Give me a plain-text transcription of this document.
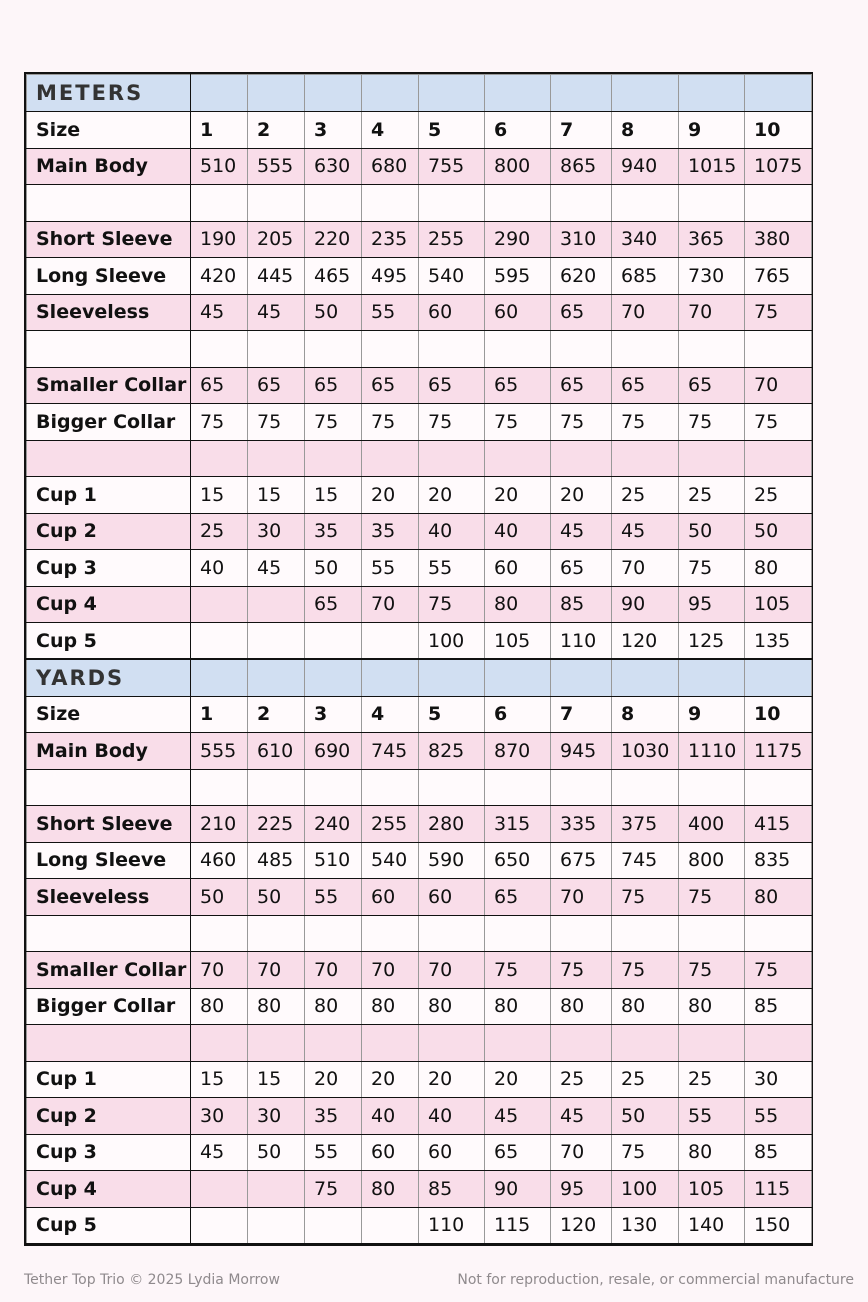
METERS										
Size	1	2	3	4	5	6	7	8	9	10
Main Body	510	555	630	680	755	800	865	940	1015	1075

Short Sleeve	190	205	220	235	255	290	310	340	365	380
Long Sleeve	420	445	465	495	540	595	620	685	730	765
Sleeveless	45	45	50	55	60	60	65	70	70	75

Smaller Collar	65	65	65	65	65	65	65	65	65	70
Bigger Collar	75	75	75	75	75	75	75	75	75	75

Cup 1	15	15	15	20	20	20	20	25	25	25
Cup 2	25	30	35	35	40	40	45	45	50	50
Cup 3	40	45	50	55	55	60	65	70	75	80
Cup 4			65	70	75	80	85	90	95	105
Cup 5					100	105	110	120	125	135
YARDS										
Size	1	2	3	4	5	6	7	8	9	10
Main Body	555	610	690	745	825	870	945	1030	1110	1175

Short Sleeve	210	225	240	255	280	315	335	375	400	415
Long Sleeve	460	485	510	540	590	650	675	745	800	835
Sleeveless	50	50	55	60	60	65	70	75	75	80

Smaller Collar	70	70	70	70	70	75	75	75	75	75
Bigger Collar	80	80	80	80	80	80	80	80	80	85

Cup 1	15	15	20	20	20	20	25	25	25	30
Cup 2	30	30	35	40	40	45	45	50	55	55
Cup 3	45	50	55	60	60	65	70	75	80	85
Cup 4			75	80	85	90	95	100	105	115
Cup 5					110	115	120	130	140	150
Tether Top Trio © 2025 Lydia Morrow	Not for reproduction, resale, or commercial manufacture
